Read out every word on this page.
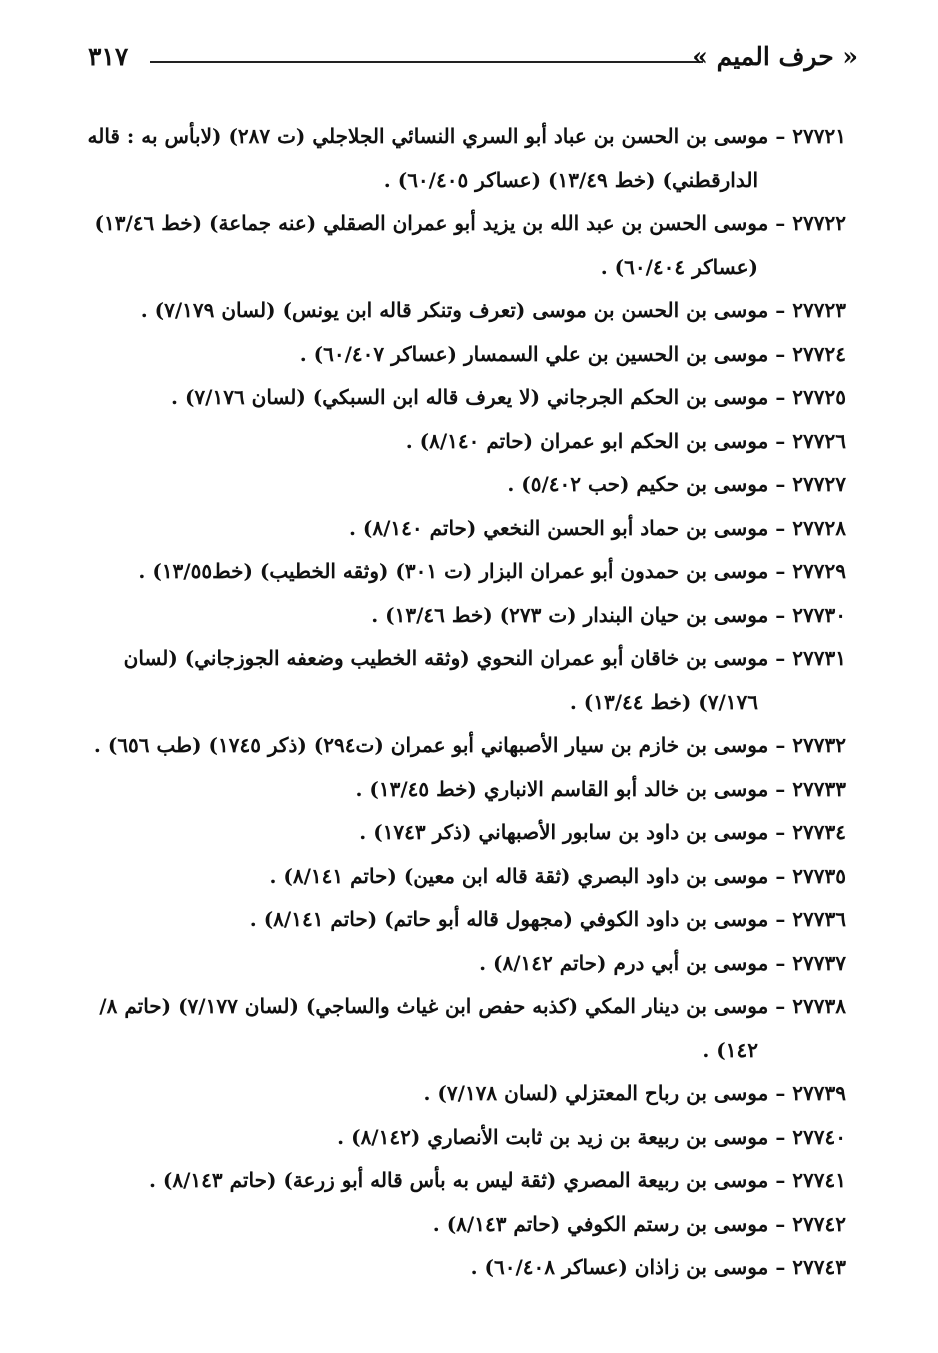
٣١٧	« حرف الميم »
٢٧٧٢١ – موسى بن الحسن بن عباد أبو السري النسائي الجلاجلي (ت ٢٨٧) (لابأس به : قاله الدارقطني) (خط ١٣/٤٩) (عساكر ٦٠/٤٠٥) .
٢٧٧٢٢ – موسى الحسن بن عبد الله بن يزيد أبو عمران الصقلي (عنه جماعة) (خط ١٣/٤٦) (عساكر ٦٠/٤٠٤) .
٢٧٧٢٣ – موسى بن الحسن بن موسى (تعرف وتنكر قاله ابن يونس) (لسان ٧/١٧٩) .
٢٧٧٢٤ – موسى بن الحسين بن علي السمسار (عساكر ٦٠/٤٠٧) .
٢٧٧٢٥ – موسى بن الحكم الجرجاني (لا يعرف قاله ابن السبكي) (لسان ٧/١٧٦) .
٢٧٧٢٦ – موسى بن الحكم ابو عمران (حاتم ٨/١٤٠) .
٢٧٧٢٧ – موسى بن حكيم (حب ٥/٤٠٢) .
٢٧٧٢٨ – موسى بن حماد أبو الحسن النخعي (حاتم ٨/١٤٠) .
٢٧٧٢٩ – موسى بن حمدون أبو عمران البزار (ت ٣٠١) (وثقه الخطيب) (خط١٣/٥٥) .
٢٧٧٣٠ – موسى بن حيان البندار (ت ٢٧٣) (خط ١٣/٤٦) .
٢٧٧٣١ – موسى بن خاقان أبو عمران النحوي (وثقه الخطيب وضعفه الجوزجاني) (لسان ٧/١٧٦) (خط ١٣/٤٤) .
٢٧٧٣٢ – موسى بن خازم بن سيار الأصبهاني أبو عمران (ت٢٩٤) (ذكر ١٧٤٥) (طب ٦٥٦) .
٢٧٧٣٣ – موسى بن خالد أبو القاسم الانباري (خط ١٣/٤٥) .
٢٧٧٣٤ – موسى بن داود بن سابور الأصبهاني (ذكر ١٧٤٣) .
٢٧٧٣٥ – موسى بن داود البصري (ثقة قاله ابن معين) (حاتم ٨/١٤١) .
٢٧٧٣٦ – موسى بن داود الكوفي (مجهول قاله أبو حاتم) (حاتم ٨/١٤١) .
٢٧٧٣٧ – موسى بن أبي درم (حاتم ٨/١٤٢) .
٢٧٧٣٨ – موسى بن دينار المكي (كذبه حفص ابن غياث والساجي) (لسان ٧/١٧٧) (حاتم ٨/ ١٤٢) .
٢٧٧٣٩ – موسى بن رباح المعتزلي (لسان ٧/١٧٨) .
٢٧٧٤٠ – موسى بن ربيعة بن زيد بن ثابت الأنصاري (٨/١٤٢) .
٢٧٧٤١ – موسى بن ربيعة المصري (ثقة ليس به بأس قاله أبو زرعة) (حاتم ٨/١٤٣) .
٢٧٧٤٢ – موسى بن رستم الكوفي (حاتم ٨/١٤٣) .
٢٧٧٤٣ – موسى بن زاذان (عساكر ٦٠/٤٠٨) .
